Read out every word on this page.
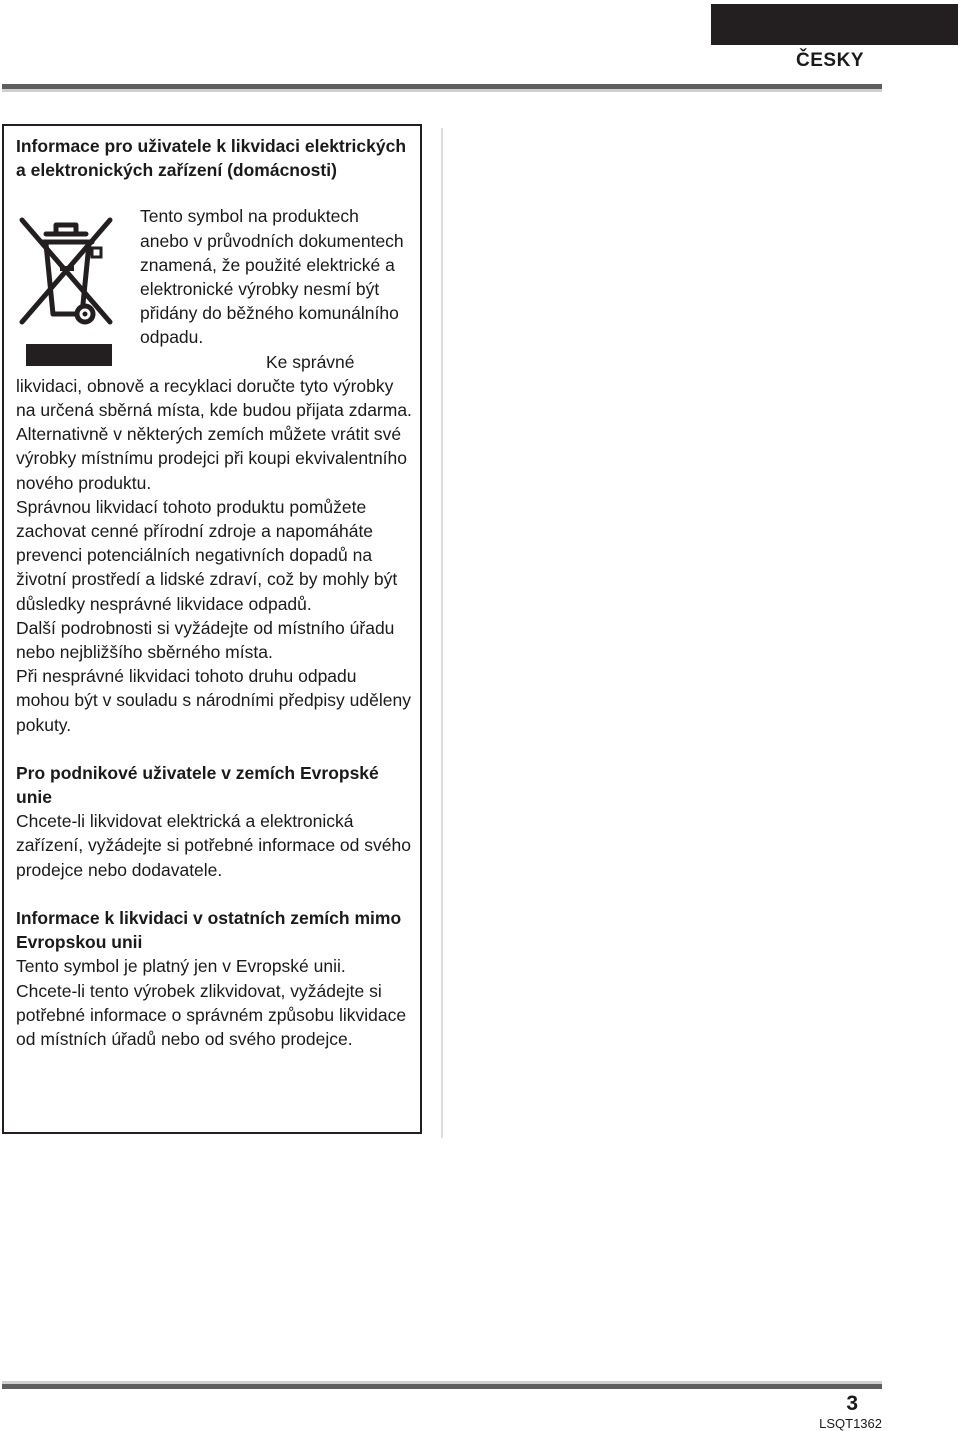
ČESKY

Informace pro uživatele k likvidaci elektrických a elektronických zařízení (domácnosti)

Tento symbol na produktech anebo v průvodních dokumentech znamená, že použité elektrické a elektronické výrobky nesmí být přidány do běžného komunálního odpadu.

Ke správné likvidaci, obnově a recyklaci doručte tyto výrobky na určená sběrná místa, kde budou přijata zdarma.

Alternativně v některých zemích můžete vrátit své výrobky místnímu prodejci při koupi ekvivalentního nového produktu.

Správnou likvidací tohoto produktu pomůžete zachovat cenné přírodní zdroje a napomáháte prevenci potenciálních negativních dopadů na životní prostředí a lidské zdraví, což by mohly být důsledky nesprávné likvidace odpadů.

Další podrobnosti si vyžádejte od místního úřadu nebo nejbližšího sběrného místa.

Při nesprávné likvidaci tohoto druhu odpadu mohou být v souladu s národními předpisy uděleny pokuty.

Pro podnikové uživatele v zemích Evropské unie

Chcete-li likvidovat elektrická a elektronická zařízení, vyžádejte si potřebné informace od svého prodejce nebo dodavatele.

Informace k likvidaci v ostatních zemích mimo Evropskou unii

Tento symbol je platný jen v Evropské unii.

Chcete-li tento výrobek zlikvidovat, vyžádejte si potřebné informace o správném způsobu likvidace od místních úřadů nebo od svého prodejce.

3
LSQT1362
